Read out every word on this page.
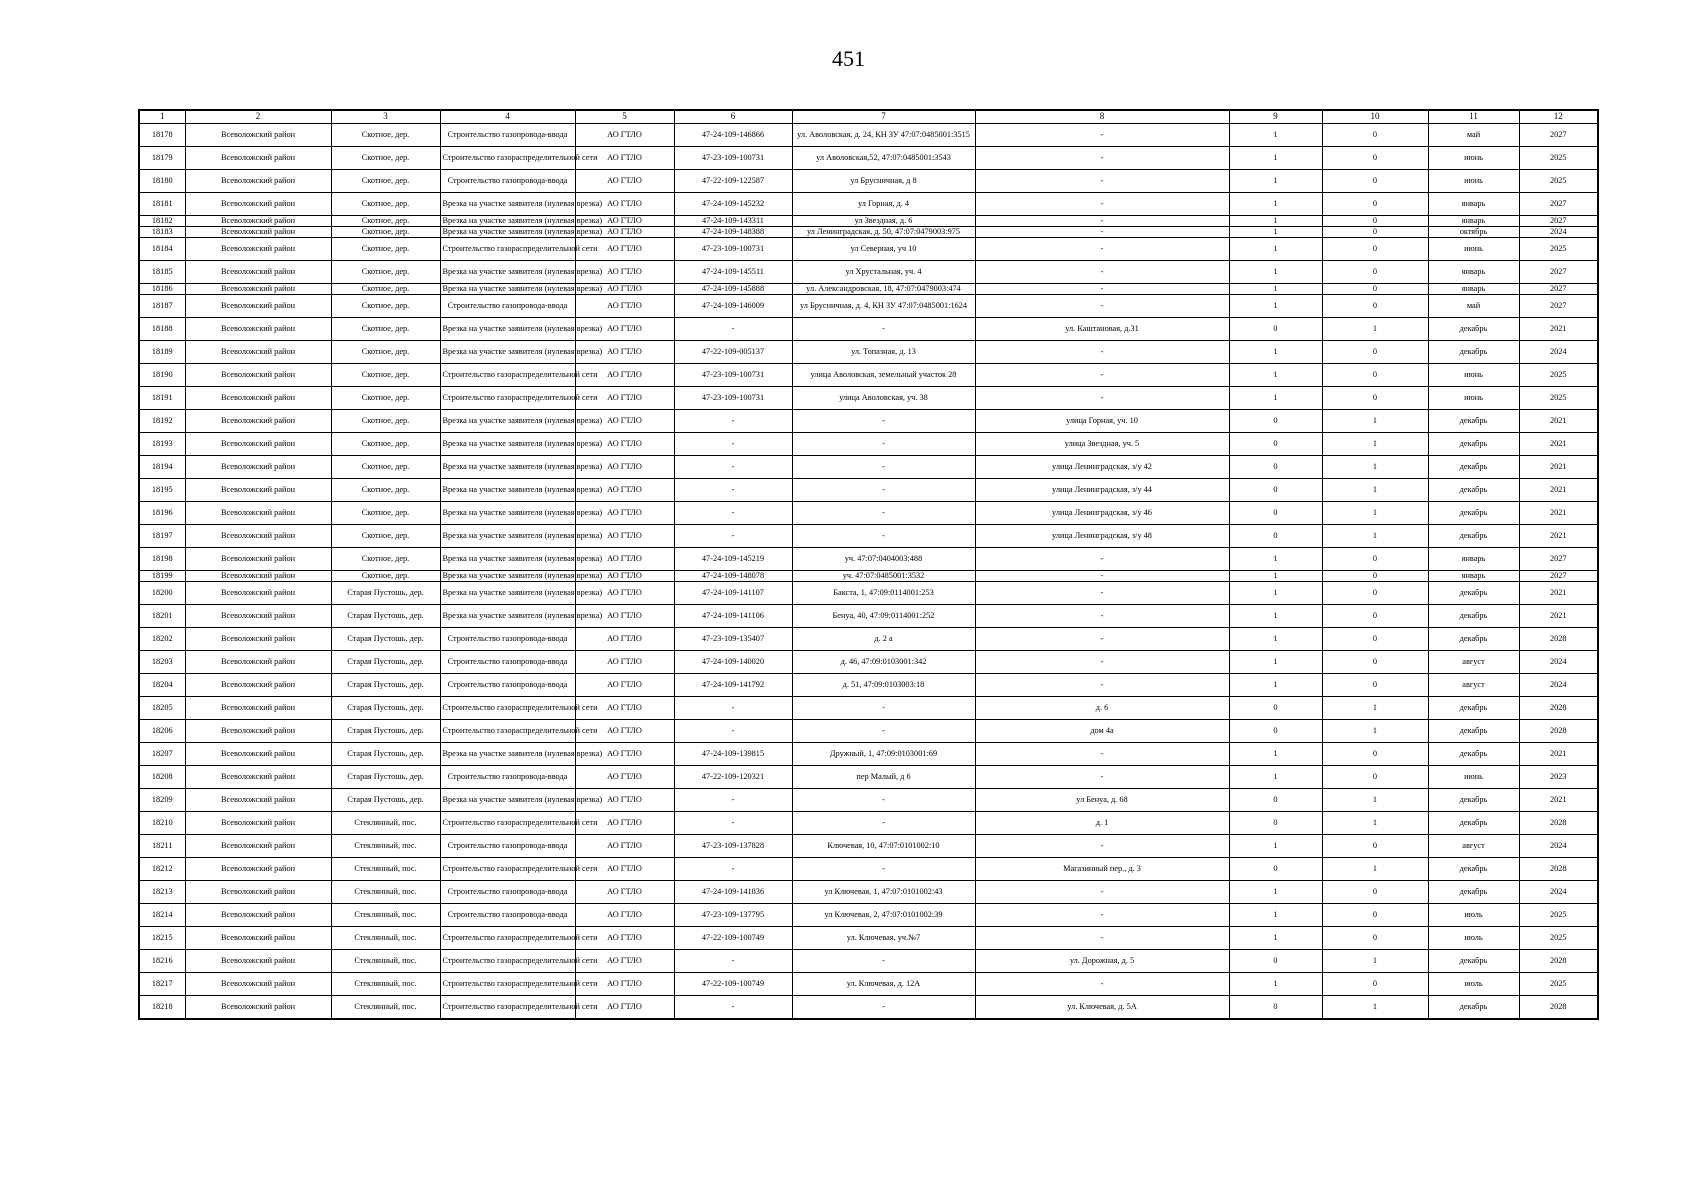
451
1	2	3	4	5	6	7	8	9	10	11	12
18178	Всеволожский район	Скотное, дер.	Строительство газопровода-ввода	АО ГТЛО	47-24-109-146866	ул. Аволовская, д. 24, КН ЗУ 47:07:0485001:3515	-	1	0	май	2027
18179	Всеволожский район	Скотное, дер.	Строительство газораспределительной сети	АО ГТЛО	47-23-109-100731	ул Аволовская,52, 47:07:0485001:3543	-	1	0	июнь	2025
18180	Всеволожский район	Скотное, дер.	Строительство газопровода-ввода	АО ГТЛО	47-22-109-122587	ул Брусничная, д 8	-	1	0	июнь	2025
18181	Всеволожский район	Скотное, дер.	Врезка на участке заявителя (нулевая врезка)	АО ГТЛО	47-24-109-145232	ул Горная, д. 4	-	1	0	январь	2027
18182	Всеволожский район	Скотное, дер.	Врезка на участке заявителя (нулевая врезка)	АО ГТЛО	47-24-109-143311	ул Звездная, д. 6	-	1	0	январь	2027
18183	Всеволожский район	Скотное, дер.	Врезка на участке заявителя (нулевая врезка)	АО ГТЛО	47-24-109-148388	ул Ленинградская, д. 50, 47:07:0479003:975	-	1	0	октябрь	2024
18184	Всеволожский район	Скотное, дер.	Строительство газораспределительной сети	АО ГТЛО	47-23-109-100731	ул Северная, уч 10	-	1	0	июнь	2025
18185	Всеволожский район	Скотное, дер.	Врезка на участке заявителя (нулевая врезка)	АО ГТЛО	47-24-109-145511	ул Хрустальная, уч. 4	-	1	0	январь	2027
18186	Всеволожский район	Скотное, дер.	Врезка на участке заявителя (нулевая врезка)	АО ГТЛО	47-24-109-145888	ул. Александровская, 18, 47:07:0479003:474	-	1	0	январь	2027
18187	Всеволожский район	Скотное, дер.	Строительство газопровода-ввода	АО ГТЛО	47-24-109-146009	ул Брусничная, д. 4, КН ЗУ 47:07:0485001:1624	-	1	0	май	2027
18188	Всеволожский район	Скотное, дер.	Врезка на участке заявителя (нулевая врезка)	АО ГТЛО	-	-	ул. Каштановая, д.31	0	1	декабрь	2021
18189	Всеволожский район	Скотное, дер.	Врезка на участке заявителя (нулевая врезка)	АО ГТЛО	47-22-109-005137	ул. Топазная, д. 13	-	1	0	декабрь	2024
18190	Всеволожский район	Скотное, дер.	Строительство газораспределительной сети	АО ГТЛО	47-23-109-100731	улица Аволовская, земельный участок 28	-	1	0	июнь	2025
18191	Всеволожский район	Скотное, дер.	Строительство газораспределительной сети	АО ГТЛО	47-23-109-100731	улица Аволовская, уч. 38	-	1	0	июнь	2025
18192	Всеволожский район	Скотное, дер.	Врезка на участке заявителя (нулевая врезка)	АО ГТЛО	-	-	улица Горная, уч. 10	0	1	декабрь	2021
18193	Всеволожский район	Скотное, дер.	Врезка на участке заявителя (нулевая врезка)	АО ГТЛО	-	-	улица Звездная, уч. 5	0	1	декабрь	2021
18194	Всеволожский район	Скотное, дер.	Врезка на участке заявителя (нулевая врезка)	АО ГТЛО	-	-	улица Ленинградская, з/у 42	0	1	декабрь	2021
18195	Всеволожский район	Скотное, дер.	Врезка на участке заявителя (нулевая врезка)	АО ГТЛО	-	-	улица Ленинградская, з/у 44	0	1	декабрь	2021
18196	Всеволожский район	Скотное, дер.	Врезка на участке заявителя (нулевая врезка)	АО ГТЛО	-	-	улица Ленинградская, з/у 46	0	1	декабрь	2021
18197	Всеволожский район	Скотное, дер.	Врезка на участке заявителя (нулевая врезка)	АО ГТЛО	-	-	улица Ленинградская, з/у 48	0	1	декабрь	2021
18198	Всеволожский район	Скотное, дер.	Врезка на участке заявителя (нулевая врезка)	АО ГТЛО	47-24-109-145219	уч. 47:07:0404003:488	-	1	0	январь	2027
18199	Всеволожский район	Скотное, дер.	Врезка на участке заявителя (нулевая врезка)	АО ГТЛО	47-24-109-148078	уч. 47:07:0485001:3532	-	1	0	январь	2027
18200	Всеволожский район	Старая Пустошь, дер.	Врезка на участке заявителя (нулевая врезка)	АО ГТЛО	47-24-109-141107	Бакста, 1, 47:09:0114001:253	-	1	0	декабрь	2021
18201	Всеволожский район	Старая Пустошь, дер.	Врезка на участке заявителя (нулевая врезка)	АО ГТЛО	47-24-109-141106	Бенуа, 40, 47:09:0114001:252	-	1	0	декабрь	2021
18202	Всеволожский район	Старая Пустошь, дер.	Строительство газопровода-ввода	АО ГТЛО	47-23-109-135407	д. 2 а	-	1	0	декабрь	2028
18203	Всеволожский район	Старая Пустошь, дер.	Строительство газопровода-ввода	АО ГТЛО	47-24-109-140020	д. 46, 47:09:0103001:342	-	1	0	август	2024
18204	Всеволожский район	Старая Пустошь, дер.	Строительство газопровода-ввода	АО ГТЛО	47-24-109-141792	д. 51, 47:09:0103003:18	-	1	0	август	2024
18205	Всеволожский район	Старая Пустошь, дер.	Строительство газораспределительной сети	АО ГТЛО	-	-	д. 6	0	1	декабрь	2028
18206	Всеволожский район	Старая Пустошь, дер.	Строительство газораспределительной сети	АО ГТЛО	-	-	дом 4а	0	1	декабрь	2028
18207	Всеволожский район	Старая Пустошь, дер.	Врезка на участке заявителя (нулевая врезка)	АО ГТЛО	47-24-109-139815	Дружный, 1, 47:09:0103001:69	-	1	0	декабрь	2021
18208	Всеволожский район	Старая Пустошь, дер.	Строительство газопровода-ввода	АО ГТЛО	47-22-109-120321	пер Малый, д 6	-	1	0	июнь	2023
18209	Всеволожский район	Старая Пустошь, дер.	Врезка на участке заявителя (нулевая врезка)	АО ГТЛО	-	-	ул Бенуа, д. 68	0	1	декабрь	2021
18210	Всеволожский район	Стеклянный, пос.	Строительство газораспределительной сети	АО ГТЛО	-	-	д. 1	0	1	декабрь	2028
18211	Всеволожский район	Стеклянный, пос.	Строительство газопровода-ввода	АО ГТЛО	47-23-109-137828	Ключевая, 10, 47:07:0101002:10	-	1	0	август	2024
18212	Всеволожский район	Стеклянный, пос.	Строительство газораспределительной сети	АО ГТЛО	-	-	Магазинный пер., д. 3	0	1	декабрь	2028
18213	Всеволожский район	Стеклянный, пос.	Строительство газопровода-ввода	АО ГТЛО	47-24-109-141836	ул Ключевая, 1, 47:07:0101002:43	-	1	0	декабрь	2024
18214	Всеволожский район	Стеклянный, пос.	Строительство газопровода-ввода	АО ГТЛО	47-23-109-137795	ул Ключевая, 2, 47:07:0101002:39	-	1	0	июль	2025
18215	Всеволожский район	Стеклянный, пос.	Строительство газораспределительной сети	АО ГТЛО	47-22-109-100749	ул. Ключевая, уч.№7	-	1	0	июль	2025
18216	Всеволожский район	Стеклянный, пос.	Строительство газораспределительной сети	АО ГТЛО	-	-	ул. Дорожная, д. 5	0	1	декабрь	2028
18217	Всеволожский район	Стеклянный, пос.	Строительство газораспределительной сети	АО ГТЛО	47-22-109-100749	ул. Ключевая, д. 12А	-	1	0	июль	2025
18218	Всеволожский район	Стеклянный, пос.	Строительство газораспределительной сети	АО ГТЛО	-	-	ул. Ключевая, д. 5А	0	1	декабрь	2028
